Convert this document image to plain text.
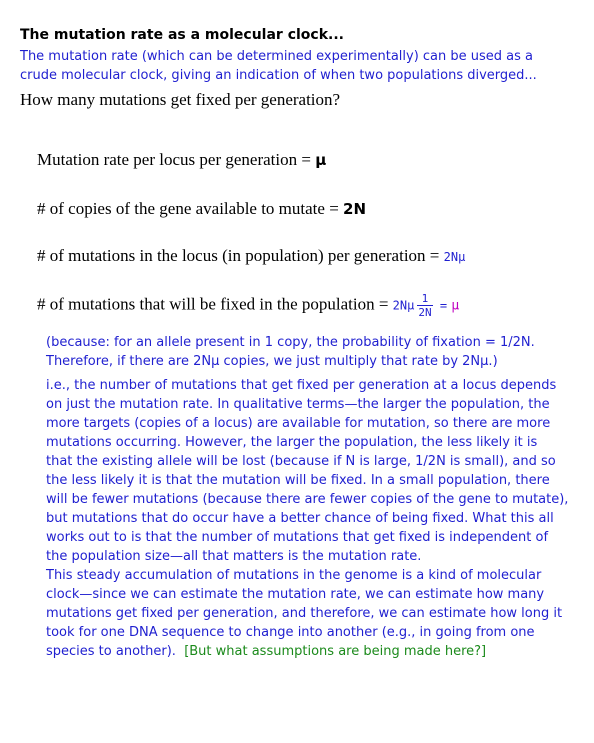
The mutation rate as a molecular clock...
The mutation rate (which can be determined experimentally) can be used as a
crude molecular clock, giving an indication of when two populations diverged...
How many mutations get fixed per generation?
Mutation rate per locus per generation = μ
# of copies of the gene available to mutate = 2N
# of mutations in the locus (in population) per generation = 2Nμ
# of mutations that will be fixed in the population = $2N\mu \frac{1}{2N} = \mu$
(because: for an allele present in 1 copy, the probability of fixation = 1/2N.
Therefore, if there are 2Nμ copies, we just multiply that rate by 2Nμ.)
i.e., the number of mutations that get fixed per generation at a locus depends
on just the mutation rate. In qualitative terms—the larger the population, the
more targets (copies of a locus) are available for mutation, so there are more
mutations occurring. However, the larger the population, the less likely it is
that the existing allele will be lost (because if N is large, 1/2N is small), and so
the less likely it is that the mutation will be fixed. In a small population, there
will be fewer mutations (because there are fewer copies of the gene to mutate),
but mutations that do occur have a better chance of being fixed. What this all
works out to is that the number of mutations that get fixed is independent of
the population size—all that matters is the mutation rate.
This steady accumulation of mutations in the genome is a kind of molecular
clock—since we can estimate the mutation rate, we can estimate how many
mutations get fixed per generation, and therefore, we can estimate how long it
took for one DNA sequence to change into another (e.g., in going from one
species to another). [But what assumptions are being made here?]
